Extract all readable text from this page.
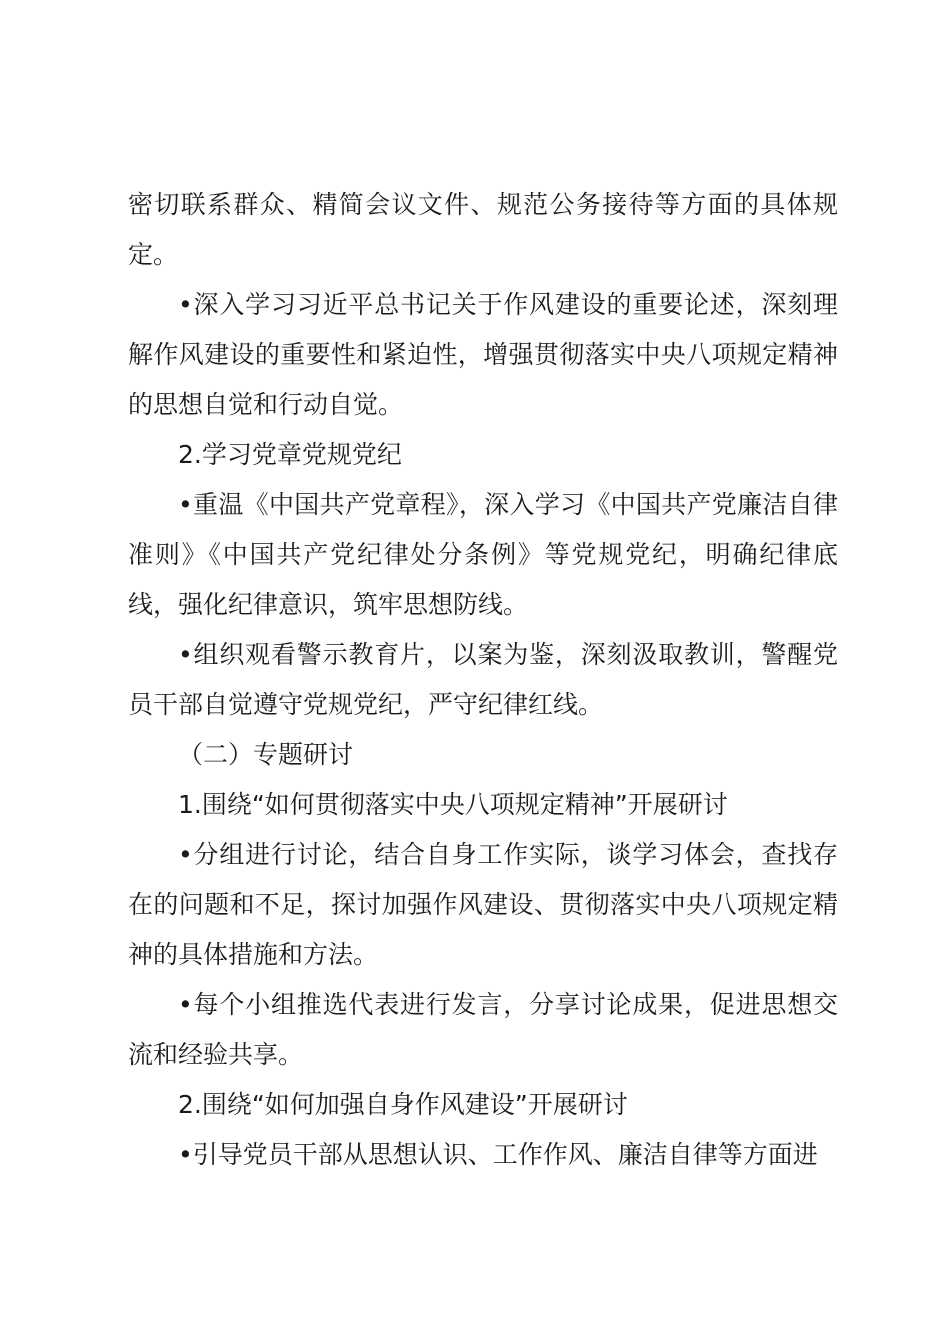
密切联系群众、精简会议文件、规范公务接待等方面的具体规定。

•深入学习习近平总书记关于作风建设的重要论述，深刻理解作风建设的重要性和紧迫性，增强贯彻落实中央八项规定精神的思想自觉和行动自觉。

2.学习党章党规党纪

•重温《中国共产党章程》，深入学习《中国共产党廉洁自律准则》《中国共产党纪律处分条例》等党规党纪，明确纪律底线，强化纪律意识，筑牢思想防线。

•组织观看警示教育片，以案为鉴，深刻汲取教训，警醒党员干部自觉遵守党规党纪，严守纪律红线。

（二）专题研讨

1.围绕“如何贯彻落实中央八项规定精神”开展研讨

•分组进行讨论，结合自身工作实际，谈学习体会，查找存在的问题和不足，探讨加强作风建设、贯彻落实中央八项规定精神的具体措施和方法。

•每个小组推选代表进行发言，分享讨论成果，促进思想交流和经验共享。

2.围绕“如何加强自身作风建设”开展研讨

•引导党员干部从思想认识、工作作风、廉洁自律等方面进
